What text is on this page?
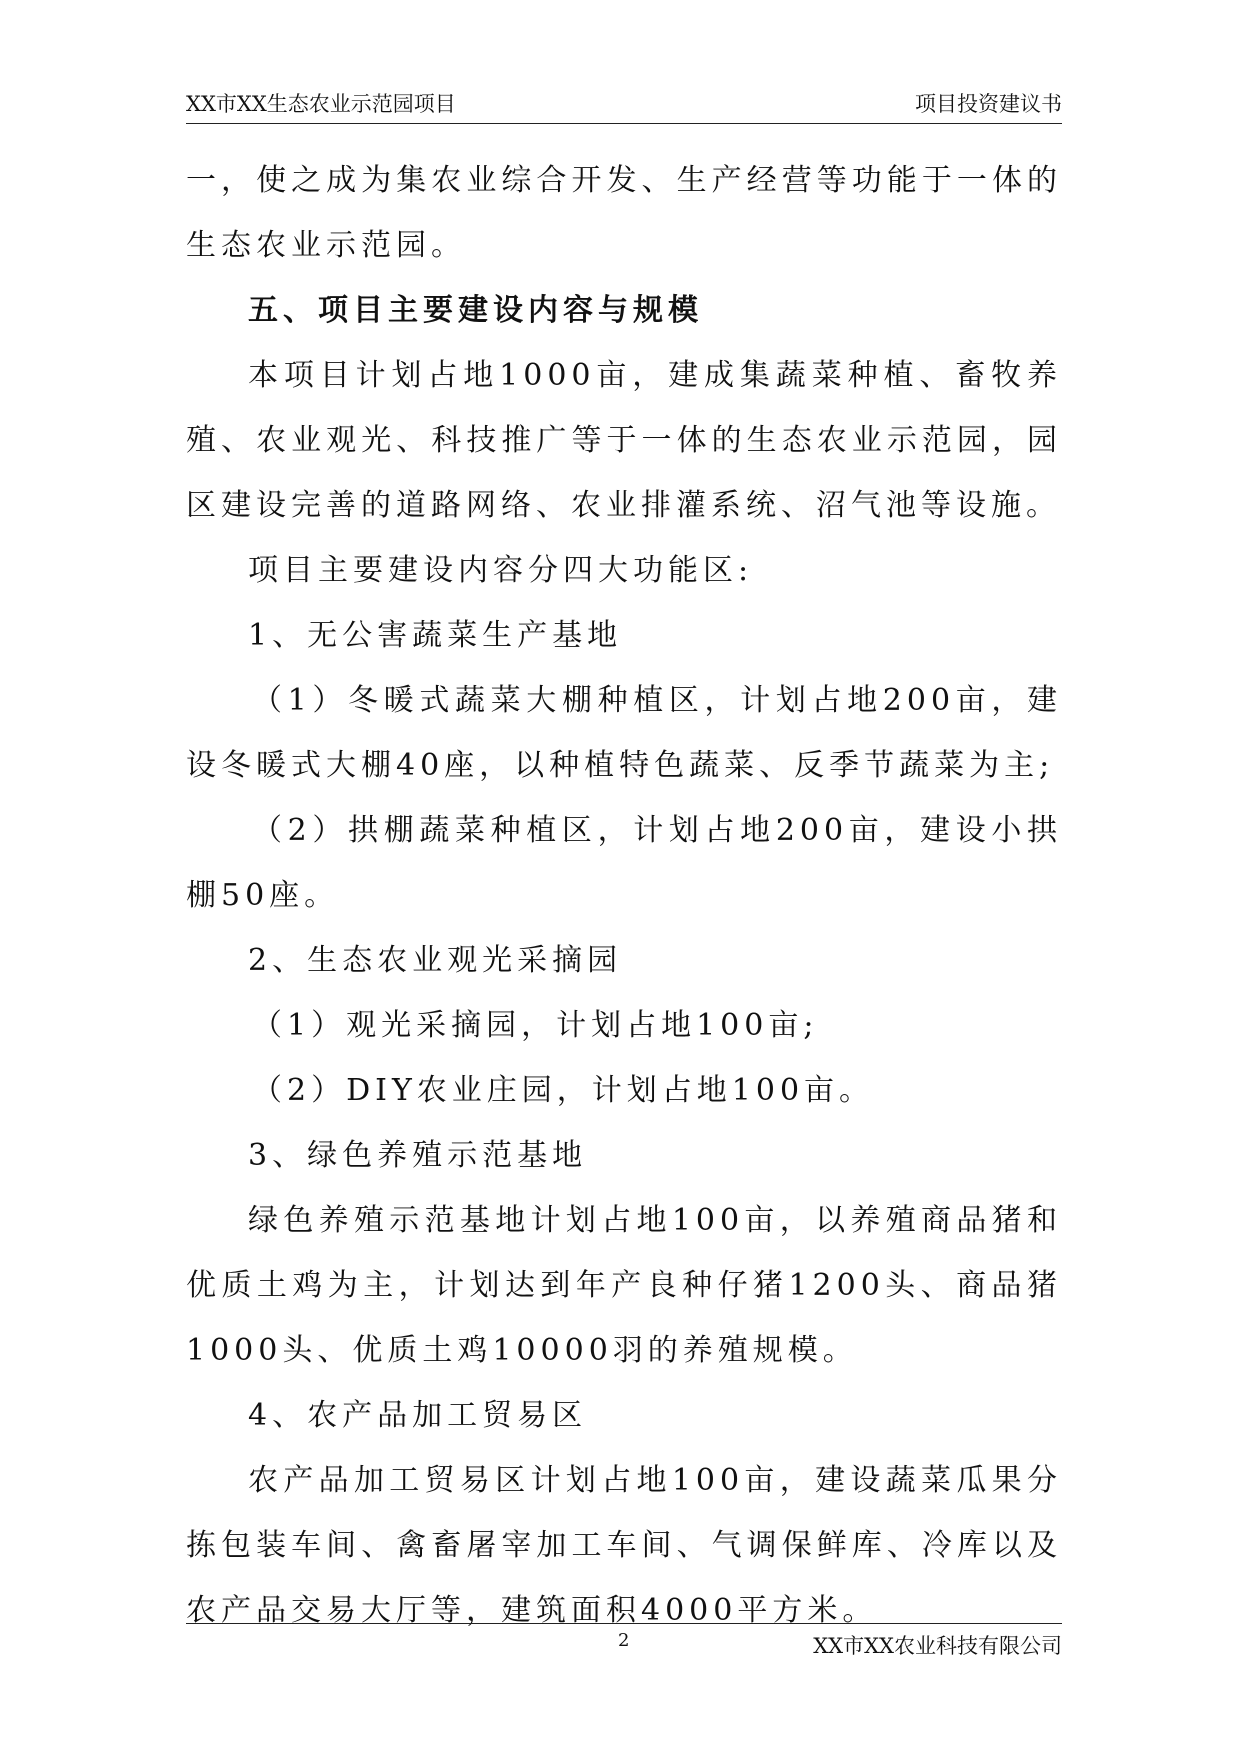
XX市XX生态农业示范园项目	项目投资建议书

一，使之成为集农业综合开发、生产经营等功能于一体的生态农业示范园。

五、项目主要建设内容与规模

本项目计划占地1000亩，建成集蔬菜种植、畜牧养殖、农业观光、科技推广等于一体的生态农业示范园，园区建设完善的道路网络、农业排灌系统、沼气池等设施。

项目主要建设内容分四大功能区:

1、无公害蔬菜生产基地

（1）冬暖式蔬菜大棚种植区，计划占地200亩，建设冬暖式大棚40座，以种植特色蔬菜、反季节蔬菜为主;

（2）拱棚蔬菜种植区，计划占地200亩，建设小拱棚50座。

2、生态农业观光采摘园

（1）观光采摘园，计划占地100亩;

（2）DIY农业庄园，计划占地100亩。

3、绿色养殖示范基地

绿色养殖示范基地计划占地100亩，以养殖商品猪和优质土鸡为主，计划达到年产良种仔猪1200头、商品猪1000头、优质土鸡10000羽的养殖规模。

4、农产品加工贸易区

农产品加工贸易区计划占地100亩，建设蔬菜瓜果分拣包装车间、禽畜屠宰加工车间、气调保鲜库、冷库以及农产品交易大厅等，建筑面积4000平方米。

2	XX市XX农业科技有限公司
